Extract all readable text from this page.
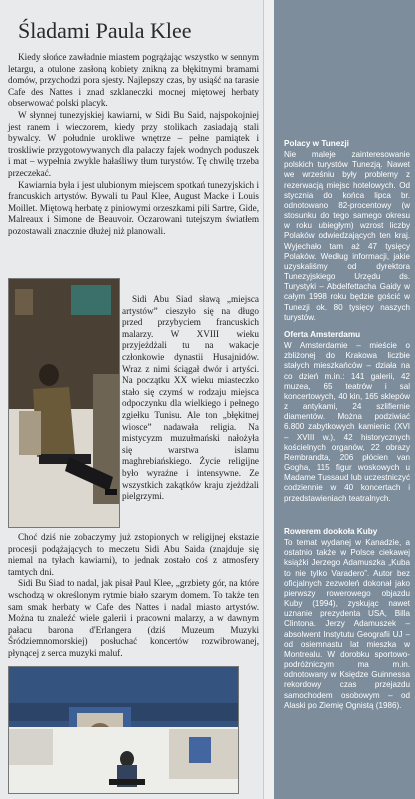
Śladami Paula Klee

Kiedy słońce zawładnie miastem pogrążając wszystko w sennym letargu, a otulone zasłoną kobiety znikną za błękitnymi bramami domów, przychodzi pora sjesty. Najlepszy czas, by usiąść na tarasie Cafe des Nattes i znad szklaneczki mocnej miętowej herbaty obserwować polski placyk.

W słynnej tunezyjskiej kawiarni, w Sidi Bu Said, najspokojniej jest ranem i wieczorem, kiedy przy stolikach zasiadają stali bywalcy. W południe urokliwe wnętrze – pełne pamiątek i troskliwie przygotowywanych dla palaczy fajek wodnych poduszek i mat – wypełnia zwykle hałaśliwy tłum turystów. Tę chwilę trzeba przeczekać.

Kawiarnia była i jest ulubionym miejscem spotkań tunezyjskich i francuskich artystów. Bywali tu Paul Klee, August Macke i Louis Moillet. Miętową herbatę z piniowymi orzeszkami pili Sartre, Gide, Malreaux i Simone de Beauvoir. Oczarowani tutejszym światłem pozostawali znacznie dłużej niż planowali.

Sidi Abu Siad sławą „miejsca artystów” cieszyło się na długo przed przybyciem francuskich malarzy. W XVIII wieku przyjeżdżali tu na wakacje członkowie dynastii Husajnidów. Wraz z nimi ściągał dwór i artyści. Na początku XX wieku miasteczko stało się czymś w rodzaju miejsca odpoczynku dla wielkiego i pełnego zgiełku Tunisu. Ale ton „błękitnej wiosce” nadawała religia. Na mistycyzm muzułmański nałożyła się warstwa islamu maghrebiańskiego. Życie religijne było wyraźne i intensywne. Ze wszystkich zakątków kraju zjeżdżali pielgrzymi.

Choć dziś nie zobaczymy już zstopionych w religijnej ekstazie procesji podążających to meczetu Sidi Abu Saida (znajduje się niemal na tyłach kawiarni), to jednak zostało coś z atmosfery tamtych dni.

Sidi Bu Siad to nadal, jak pisał Paul Klee, „grzbiety gór, na które wschodzą w określonym rytmie biało szarym domem. To także ten sam smak herbaty w Cafe des Nattes i nadal miasto artystów. Można tu znaleźć wiele galerii i pracowni malarzy, a w dawnym pałacu barona d'Erlangera (dziś Muzeum Muzyki Śródziemnomorskiej) posłuchać koncertów rozwibrowanej, płynącej z serca muzyki maluf.

Polacy w Tunezji

Nie maleje zainteresowanie polskich turystów Tunezją. Nawet we wrześniu były problemy z rezerwacją miejsc hotelowych. Od stycznia do końca lipca br. odnotowano 82-procentowy (w stosunku do tego samego okresu w roku ubiegłym) wzrost liczby Polaków odwiedzających ten kraj. Wyjechało tam aż 47 tysięcy Polaków. Według informacji, jakie uzyskaliśmy od dyrektora Tunezyjskiego Urzędu ds. Turystyki – Abdelfettacha Gaidy w całym 1998 roku będzie gościć w Tunezji ok. 80 tysięcy naszych turystów.

Oferta Amsterdamu

W Amsterdamie – mieście o zbliżonej do Krakowa liczbie stałych mieszkańców – działa na co dzień m.in.: 141 galerii, 42 muzea, 65 teatrów i sal koncertowych, 40 kin, 165 sklepów z antykami, 24 szlifiernie diamentów. Można podziwiać 6.800 zabytkowych kamienic (XVI – XVIII w.), 42 historycznych kościelnych organów, 22 obrazy Rembrandta, 206 płócien van Gogha, 115 figur woskowych u Madame Tussaud lub uczestniczyć codziennie w 40 koncertach i przedstawieniach teatralnych.

Rowerem dookoła Kuby

To temat wydanej w Kanadzie, a ostatnio także w Polsce ciekawej książki Jerzego Adamuszka „Kuba to nie tylko Varadero”. Autor bez oficjalnych zezwoleń dokonał jako pierwszy rowerowego objazdu Kuby (1994), zyskując nawet uznanie prezydenta USA, Billa Clintona. Jerzy Adamuszek – absolwent Instytutu Geografii UJ – od osiemnastu lat mieszka w Montrealu. W dorobku sportowo-podróżniczym ma m.in. odnotowany w Księdze Guinnessa rekordowy czas przejazdu samochodem osobowym – od Alaski po Ziemię Ognistą (1986).
